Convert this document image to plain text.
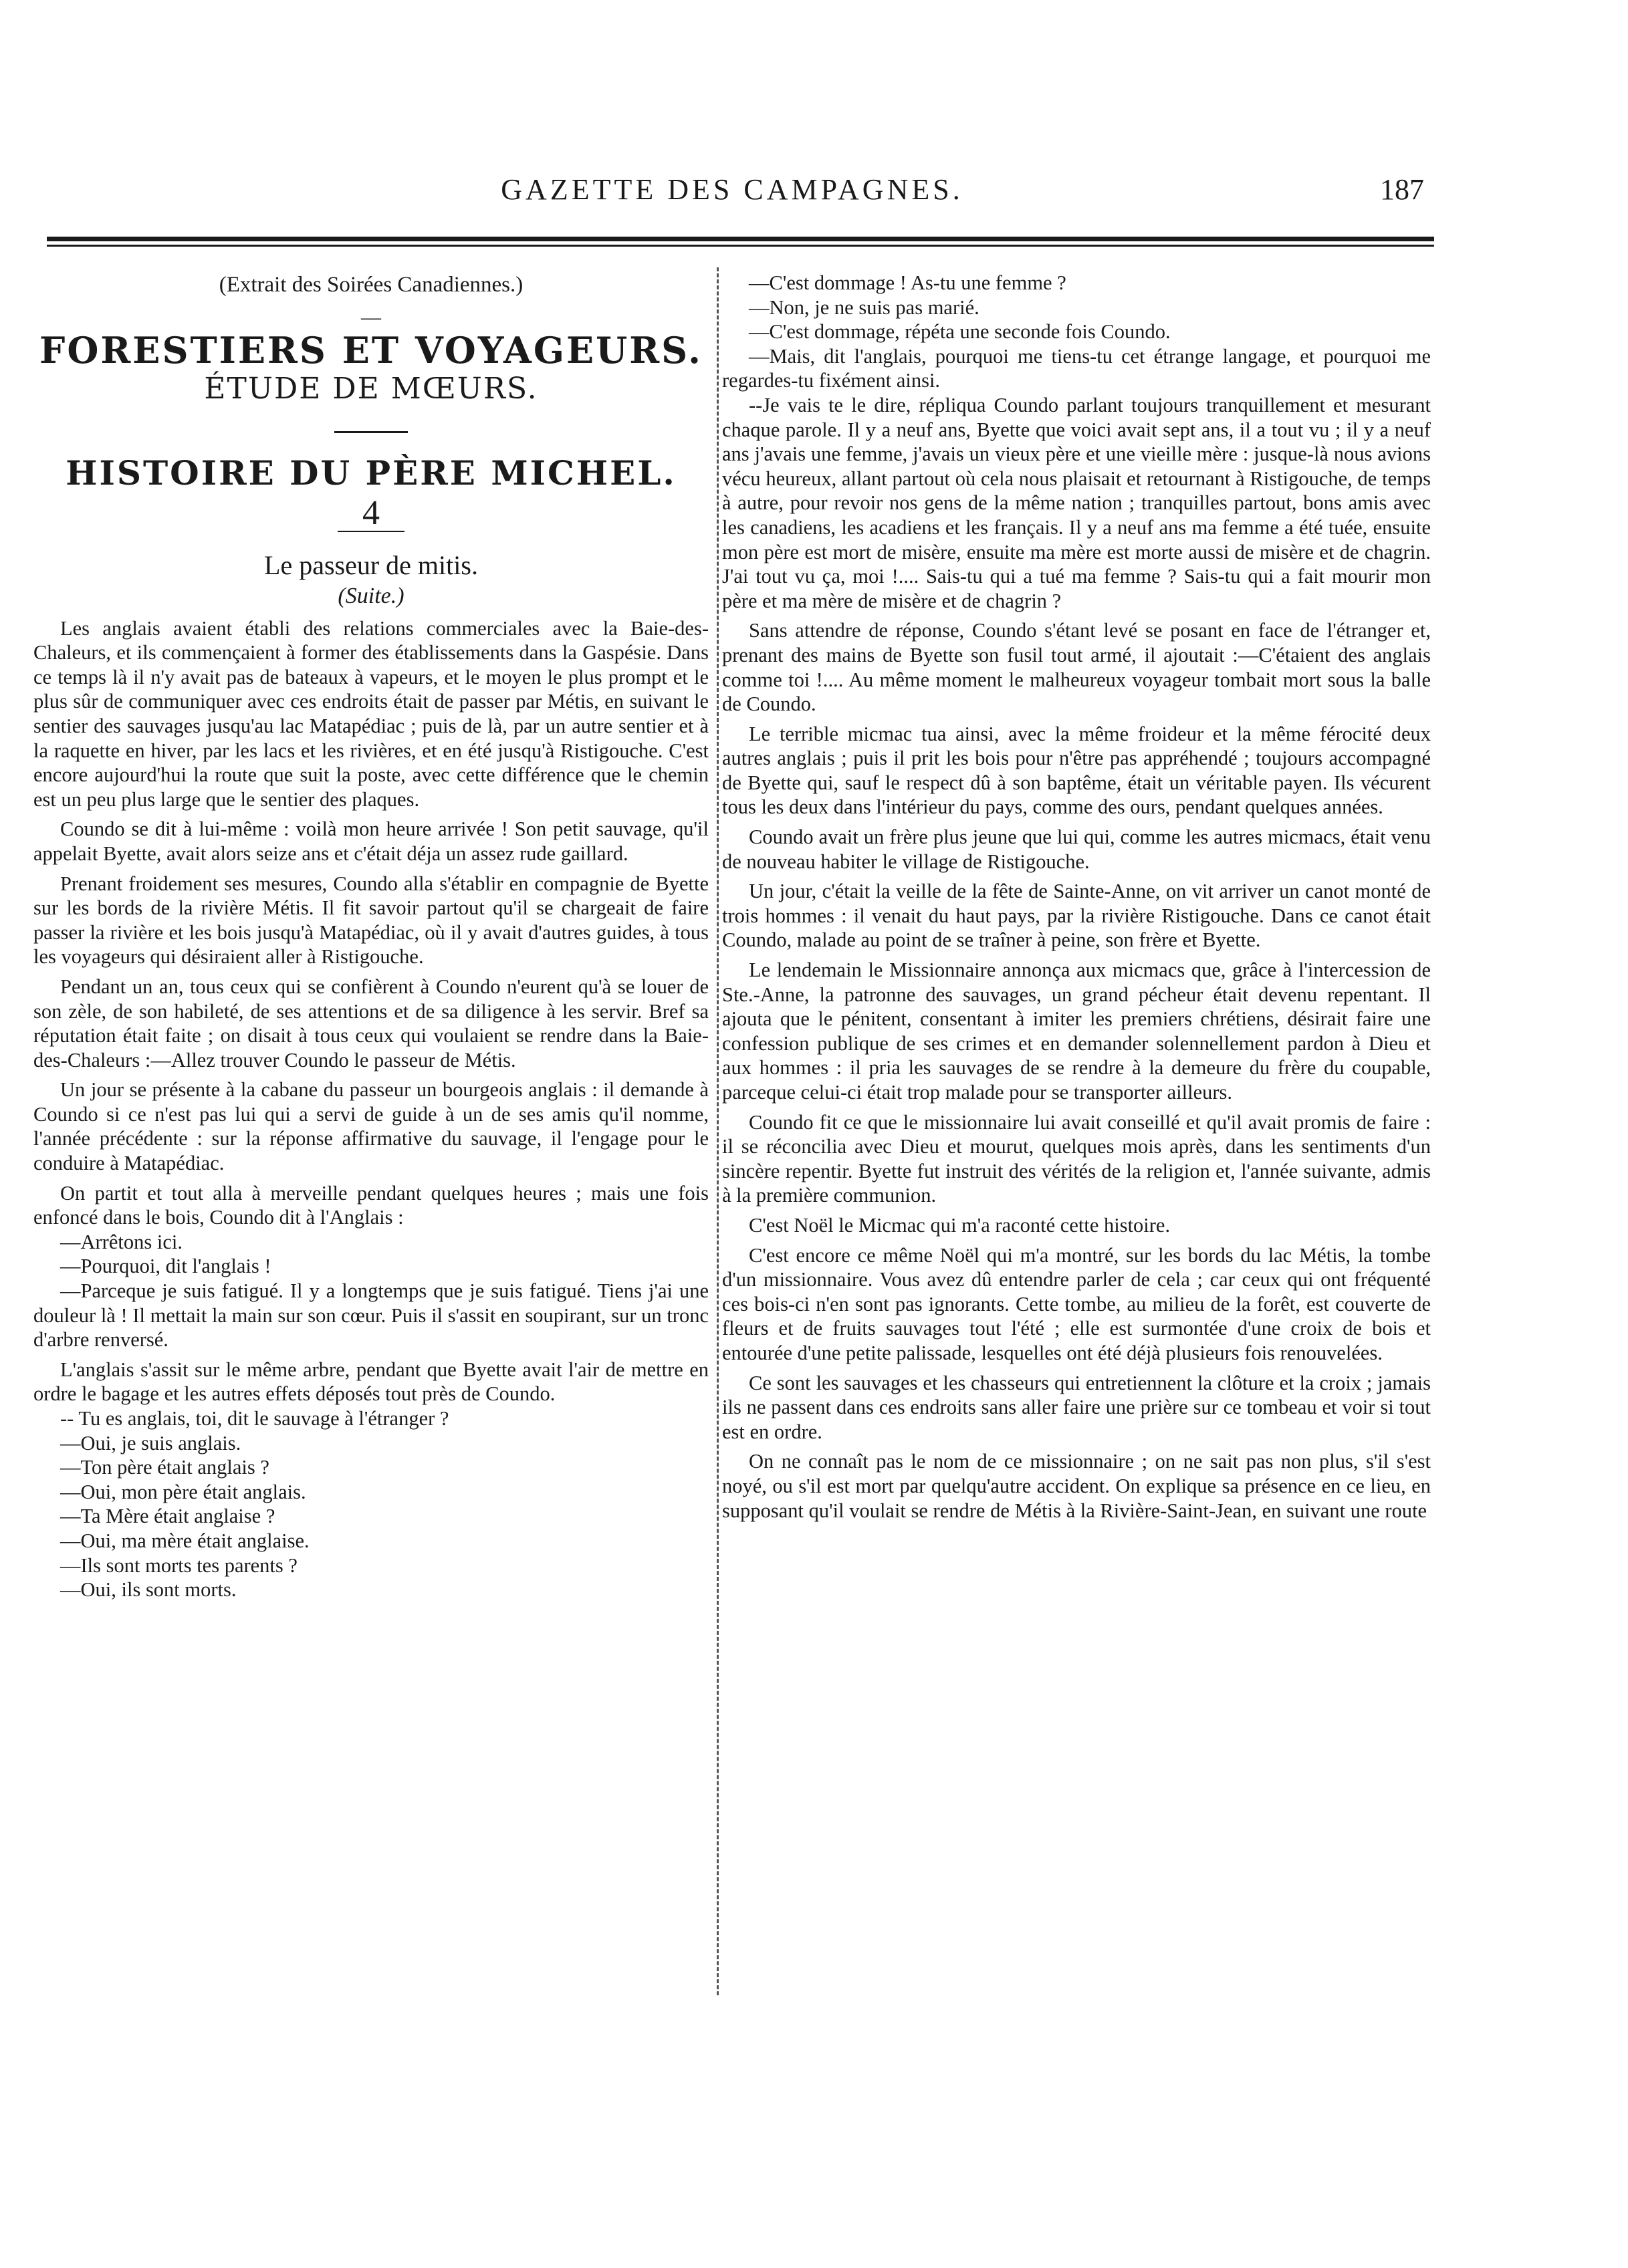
GAZETTE DES CAMPAGNES.	187

(Extrait des Soirées Canadiennes.)

—

FORESTIERS ET VOYAGEURS.

ÉTUDE DE MŒURS.

HISTOIRE DU PÈRE MICHEL.

4

Le passeur de mitis.

(Suite.)

Les anglais avaient établi des relations commerciales avec la Baie-des-Chaleurs, et ils commençaient à former des établissements dans la Gaspésie. Dans ce temps là il n'y avait pas de bateaux à vapeurs, et le moyen le plus prompt et le plus sûr de communiquer avec ces endroits était de passer par Métis, en suivant le sentier des sauvages jusqu'au lac Matapédiac ; puis de là, par un autre sentier et à la raquette en hiver, par les lacs et les rivières, et en été jusqu'à Ristigouche. C'est encore aujourd'hui la route que suit la poste, avec cette différence que le chemin est un peu plus large que le sentier des plaques.

Coundo se dit à lui-même : voilà mon heure arrivée ! Son petit sauvage, qu'il appelait Byette, avait alors seize ans et c'était déja un assez rude gaillard.

Prenant froidement ses mesures, Coundo alla s'établir en compagnie de Byette sur les bords de la rivière Métis. Il fit savoir partout qu'il se chargeait de faire passer la rivière et les bois jusqu'à Matapédiac, où il y avait d'autres guides, à tous les voyageurs qui désiraient aller à Ristigouche.

Pendant un an, tous ceux qui se confièrent à Coundo n'eurent qu'à se louer de son zèle, de son habileté, de ses attentions et de sa diligence à les servir. Bref sa réputation était faite ; on disait à tous ceux qui voulaient se rendre dans la Baie-des-Chaleurs :—Allez trouver Coundo le passeur de Métis.

Un jour se présente à la cabane du passeur un bourgeois anglais : il demande à Coundo si ce n'est pas lui qui a servi de guide à un de ses amis qu'il nomme, l'année précédente : sur la réponse affirmative du sauvage, il l'engage pour le conduire à Matapédiac.

On partit et tout alla à merveille pendant quelques heures ; mais une fois enfoncé dans le bois, Coundo dit à l'Anglais :

—Arrêtons ici.

—Pourquoi, dit l'anglais !

—Parceque je suis fatigué. Il y a longtemps que je suis fatigué. Tiens j'ai une douleur là ! Il mettait la main sur son cœur. Puis il s'assit en soupirant, sur un tronc d'arbre renversé.

L'anglais s'assit sur le même arbre, pendant que Byette avait l'air de mettre en ordre le bagage et les autres effets déposés tout près de Coundo.

-- Tu es anglais, toi, dit le sauvage à l'étranger ?

—Oui, je suis anglais.

—Ton père était anglais ?

—Oui, mon père était anglais.

—Ta Mère était anglaise ?

—Oui, ma mère était anglaise.

—Ils sont morts tes parents ?

—Oui, ils sont morts.

—C'est dommage ! As-tu une femme ?

—Non, je ne suis pas marié.

—C'est dommage, répéta une seconde fois Coundo.

—Mais, dit l'anglais, pourquoi me tiens-tu cet étrange langage, et pourquoi me regardes-tu fixément ainsi.

--Je vais te le dire, répliqua Coundo parlant toujours tranquillement et mesurant chaque parole. Il y a neuf ans, Byette que voici avait sept ans, il a tout vu ; il y a neuf ans j'avais une femme, j'avais un vieux père et une vieille mère : jusque-là nous avions vécu heureux, allant partout où cela nous plaisait et retournant à Ristigouche, de temps à autre, pour revoir nos gens de la même nation ; tranquilles partout, bons amis avec les canadiens, les acadiens et les français. Il y a neuf ans ma femme a été tuée, ensuite mon père est mort de misère, ensuite ma mère est morte aussi de misère et de chagrin. J'ai tout vu ça, moi !.... Sais-tu qui a tué ma femme ? Sais-tu qui a fait mourir mon père et ma mère de misère et de chagrin ?

Sans attendre de réponse, Coundo s'étant levé se posant en face de l'étranger et, prenant des mains de Byette son fusil tout armé, il ajoutait :—C'étaient des anglais comme toi !.... Au même moment le malheureux voyageur tombait mort sous la balle de Coundo.

Le terrible micmac tua ainsi, avec la même froideur et la même férocité deux autres anglais ; puis il prit les bois pour n'être pas appréhendé ; toujours accompagné de Byette qui, sauf le respect dû à son baptême, était un véritable payen. Ils vécurent tous les deux dans l'intérieur du pays, comme des ours, pendant quelques années.

Coundo avait un frère plus jeune que lui qui, comme les autres micmacs, était venu de nouveau habiter le village de Ristigouche.

Un jour, c'était la veille de la fête de Sainte-Anne, on vit arriver un canot monté de trois hommes : il venait du haut pays, par la rivière Ristigouche. Dans ce canot était Coundo, malade au point de se traîner à peine, son frère et Byette.

Le lendemain le Missionnaire annonça aux micmacs que, grâce à l'intercession de Ste.-Anne, la patronne des sauvages, un grand pécheur était devenu repentant. Il ajouta que le pénitent, consentant à imiter les premiers chrétiens, désirait faire une confession publique de ses crimes et en demander solennellement pardon à Dieu et aux hommes : il pria les sauvages de se rendre à la demeure du frère du coupable, parceque celui-ci était trop malade pour se transporter ailleurs.

Coundo fit ce que le missionnaire lui avait conseillé et qu'il avait promis de faire : il se réconcilia avec Dieu et mourut, quelques mois après, dans les sentiments d'un sincère repentir. Byette fut instruit des vérités de la religion et, l'année suivante, admis à la première communion.

C'est Noël le Micmac qui m'a raconté cette histoire.

C'est encore ce même Noël qui m'a montré, sur les bords du lac Métis, la tombe d'un missionnaire. Vous avez dû entendre parler de cela ; car ceux qui ont fréquenté ces bois-ci n'en sont pas ignorants. Cette tombe, au milieu de la forêt, est couverte de fleurs et de fruits sauvages tout l'été ; elle est surmontée d'une croix de bois et entourée d'une petite palissade, lesquelles ont été déjà plusieurs fois renouvelées.

Ce sont les sauvages et les chasseurs qui entretiennent la clôture et la croix ; jamais ils ne passent dans ces endroits sans aller faire une prière sur ce tombeau et voir si tout est en ordre.

On ne connaît pas le nom de ce missionnaire ; on ne sait pas non plus, s'il s'est noyé, ou s'il est mort par quelqu'autre accident. On explique sa présence en ce lieu, en supposant qu'il voulait se rendre de Métis à la Rivière-Saint-Jean, en suivant une route
